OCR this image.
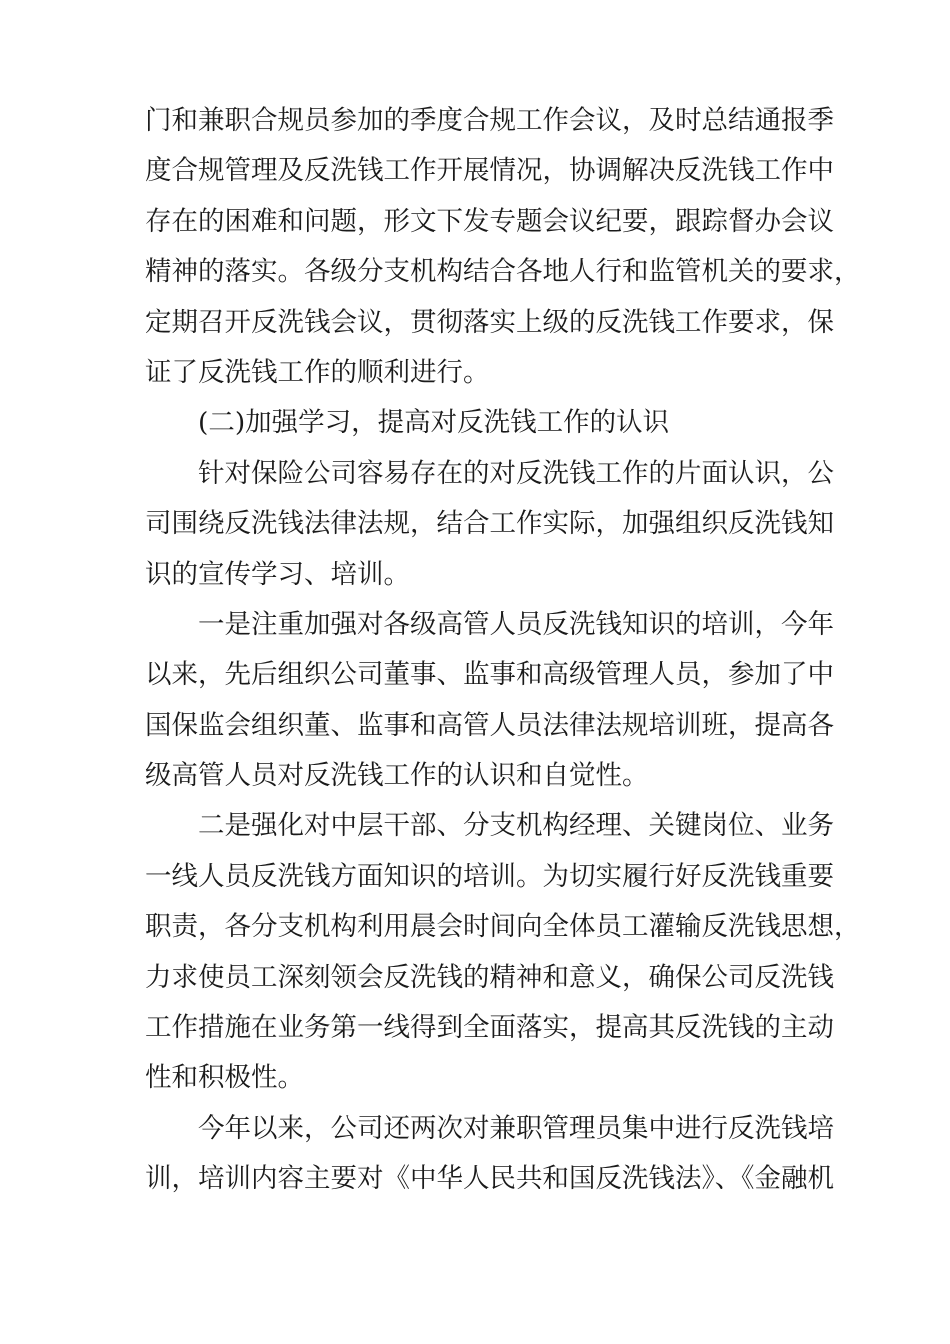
门和兼职合规员参加的季度合规工作会议，及时总结通报季
度合规管理及反洗钱工作开展情况，协调解决反洗钱工作中
存在的困难和问题，形文下发专题会议纪要，跟踪督办会议
精神的落实。各级分支机构结合各地人行和监管机关的要求，
定期召开反洗钱会议，贯彻落实上级的反洗钱工作要求，保
证了反洗钱工作的顺利进行。
(二)加强学习，提高对反洗钱工作的认识
针对保险公司容易存在的对反洗钱工作的片面认识，公
司围绕反洗钱法律法规，结合工作实际，加强组织反洗钱知
识的宣传学习、培训。
一是注重加强对各级高管人员反洗钱知识的培训，今年
以来，先后组织公司董事、监事和高级管理人员，参加了中
国保监会组织董、监事和高管人员法律法规培训班，提高各
级高管人员对反洗钱工作的认识和自觉性。
二是强化对中层干部、分支机构经理、关键岗位、业务
一线人员反洗钱方面知识的培训。为切实履行好反洗钱重要
职责，各分支机构利用晨会时间向全体员工灌输反洗钱思想，
力求使员工深刻领会反洗钱的精神和意义，确保公司反洗钱
工作措施在业务第一线得到全面落实，提高其反洗钱的主动
性和积极性。
今年以来，公司还两次对兼职管理员集中进行反洗钱培
训，培训内容主要对《中华人民共和国反洗钱法》、《金融机
